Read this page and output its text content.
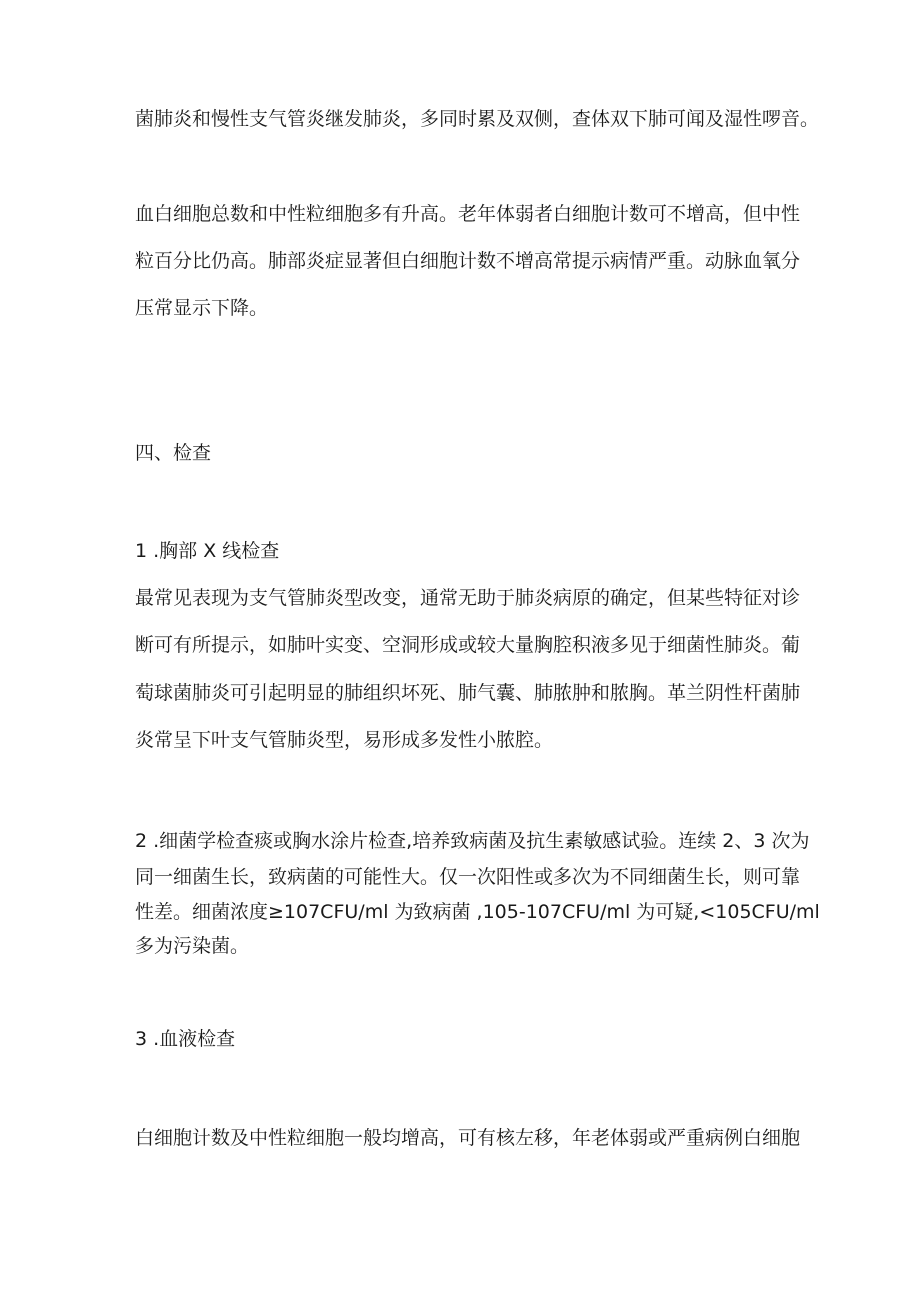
菌肺炎和慢性支气管炎继发肺炎，多同时累及双侧，查体双下肺可闻及湿性啰音。

血白细胞总数和中性粒细胞多有升高。老年体弱者白细胞计数可不增高，但中性

粒百分比仍高。肺部炎症显著但白细胞计数不增高常提示病情严重。动脉血氧分

压常显示下降。

四、检查

1 .胸部 X 线检查

最常见表现为支气管肺炎型改变，通常无助于肺炎病原的确定，但某些特征对诊

断可有所提示，如肺叶实变、空洞形成或较大量胸腔积液多见于细菌性肺炎。葡

萄球菌肺炎可引起明显的肺组织坏死、肺气囊、肺脓肿和脓胸。革兰阴性杆菌肺

炎常呈下叶支气管肺炎型，易形成多发性小脓腔。

2 .细菌学检查痰或胸水涂片检查,培养致病菌及抗生素敏感试验。连续 2、3 次为

同一细菌生长，致病菌的可能性大。仅一次阳性或多次为不同细菌生长，则可靠

性差。细菌浓度≥107CFU/ml 为致病菌 ,105-107CFU/ml 为可疑,<105CFU/ml

多为污染菌。

3 .血液检查

白细胞计数及中性粒细胞一般均增高，可有核左移，年老体弱或严重病例白细胞
